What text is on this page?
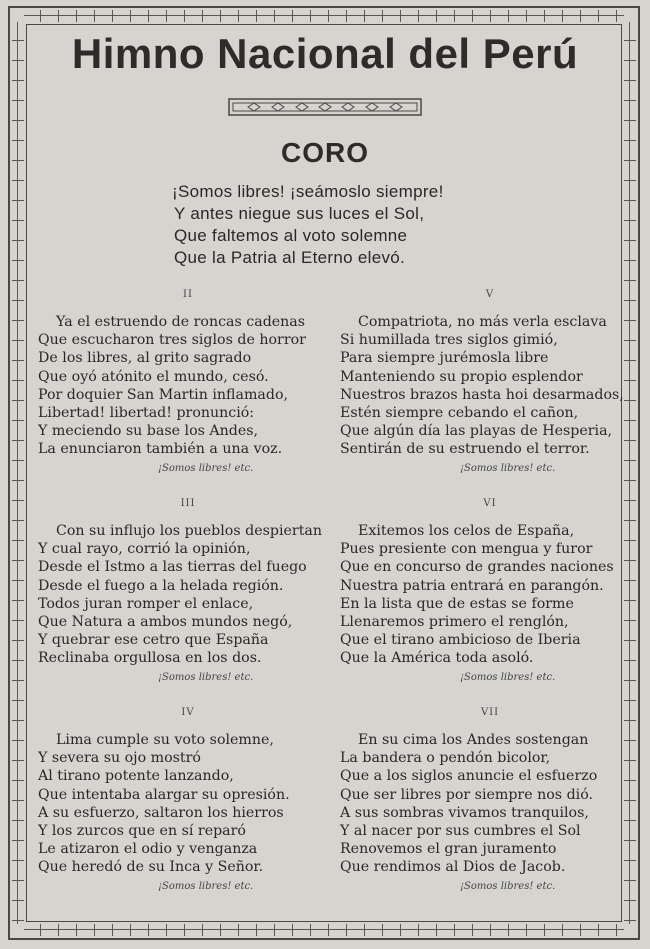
Himno Nacional del Perú
CORO
¡Somos libres! ¡seámoslo siempre!
Y antes niegue sus luces el Sol,
Que faltemos al voto solemne
Que la Patria al Eterno elevó.
II
Ya el estruendo de roncas cadenas
Que escucharon tres siglos de horror
De los libres, al grito sagrado
Que oyó atónito el mundo, cesó.
Por doquier San Martin inflamado,
Libertad! libertad! pronunció:
Y meciendo su base los Andes,
La enunciaron también a una voz.
¡Somos libres! etc.
III
Con su influjo los pueblos despiertan
Y cual rayo, corrió la opinión,
Desde el Istmo a las tierras del fuego
Desde el fuego a la helada región.
Todos juran romper el enlace,
Que Natura a ambos mundos negó,
Y quebrar ese cetro que España
Reclinaba orgullosa en los dos.
¡Somos libres! etc.
IV
Lima cumple su voto solemne,
Y severa su ojo mostró
Al tirano potente lanzando,
Que intentaba alargar su opresión.
A su esfuerzo, saltaron los hierros
Y los zurcos que en sí reparó
Le atizaron el odio y venganza
Que heredó de su Inca y Señor.
¡Somos libres! etc.
V
Compatriota, no más verla esclava
Si humillada tres siglos gimió,
Para siempre jurémosla libre
Manteniendo su propio esplendor
Nuestros brazos hasta hoi desarmados,
Estén siempre cebando el cañon,
Que algún día las playas de Hesperia,
Sentirán de su estruendo el terror.
¡Somos libres! etc.
VI
Exitemos los celos de España,
Pues presiente con mengua y furor
Que en concurso de grandes naciones
Nuestra patria entrará en parangón.
En la lista que de estas se forme
Llenaremos primero el renglón,
Que el tirano ambicioso de Iberia
Que la América toda asoló.
¡Somos libres! etc.
VII
En su cima los Andes sostengan
La bandera o pendón bicolor,
Que a los siglos anuncie el esfuerzo
Que ser libres por siempre nos dió.
A sus sombras vivamos tranquilos,
Y al nacer por sus cumbres el Sol
Renovemos el gran juramento
Que rendimos al Dios de Jacob.
¡Somos libres! etc.
